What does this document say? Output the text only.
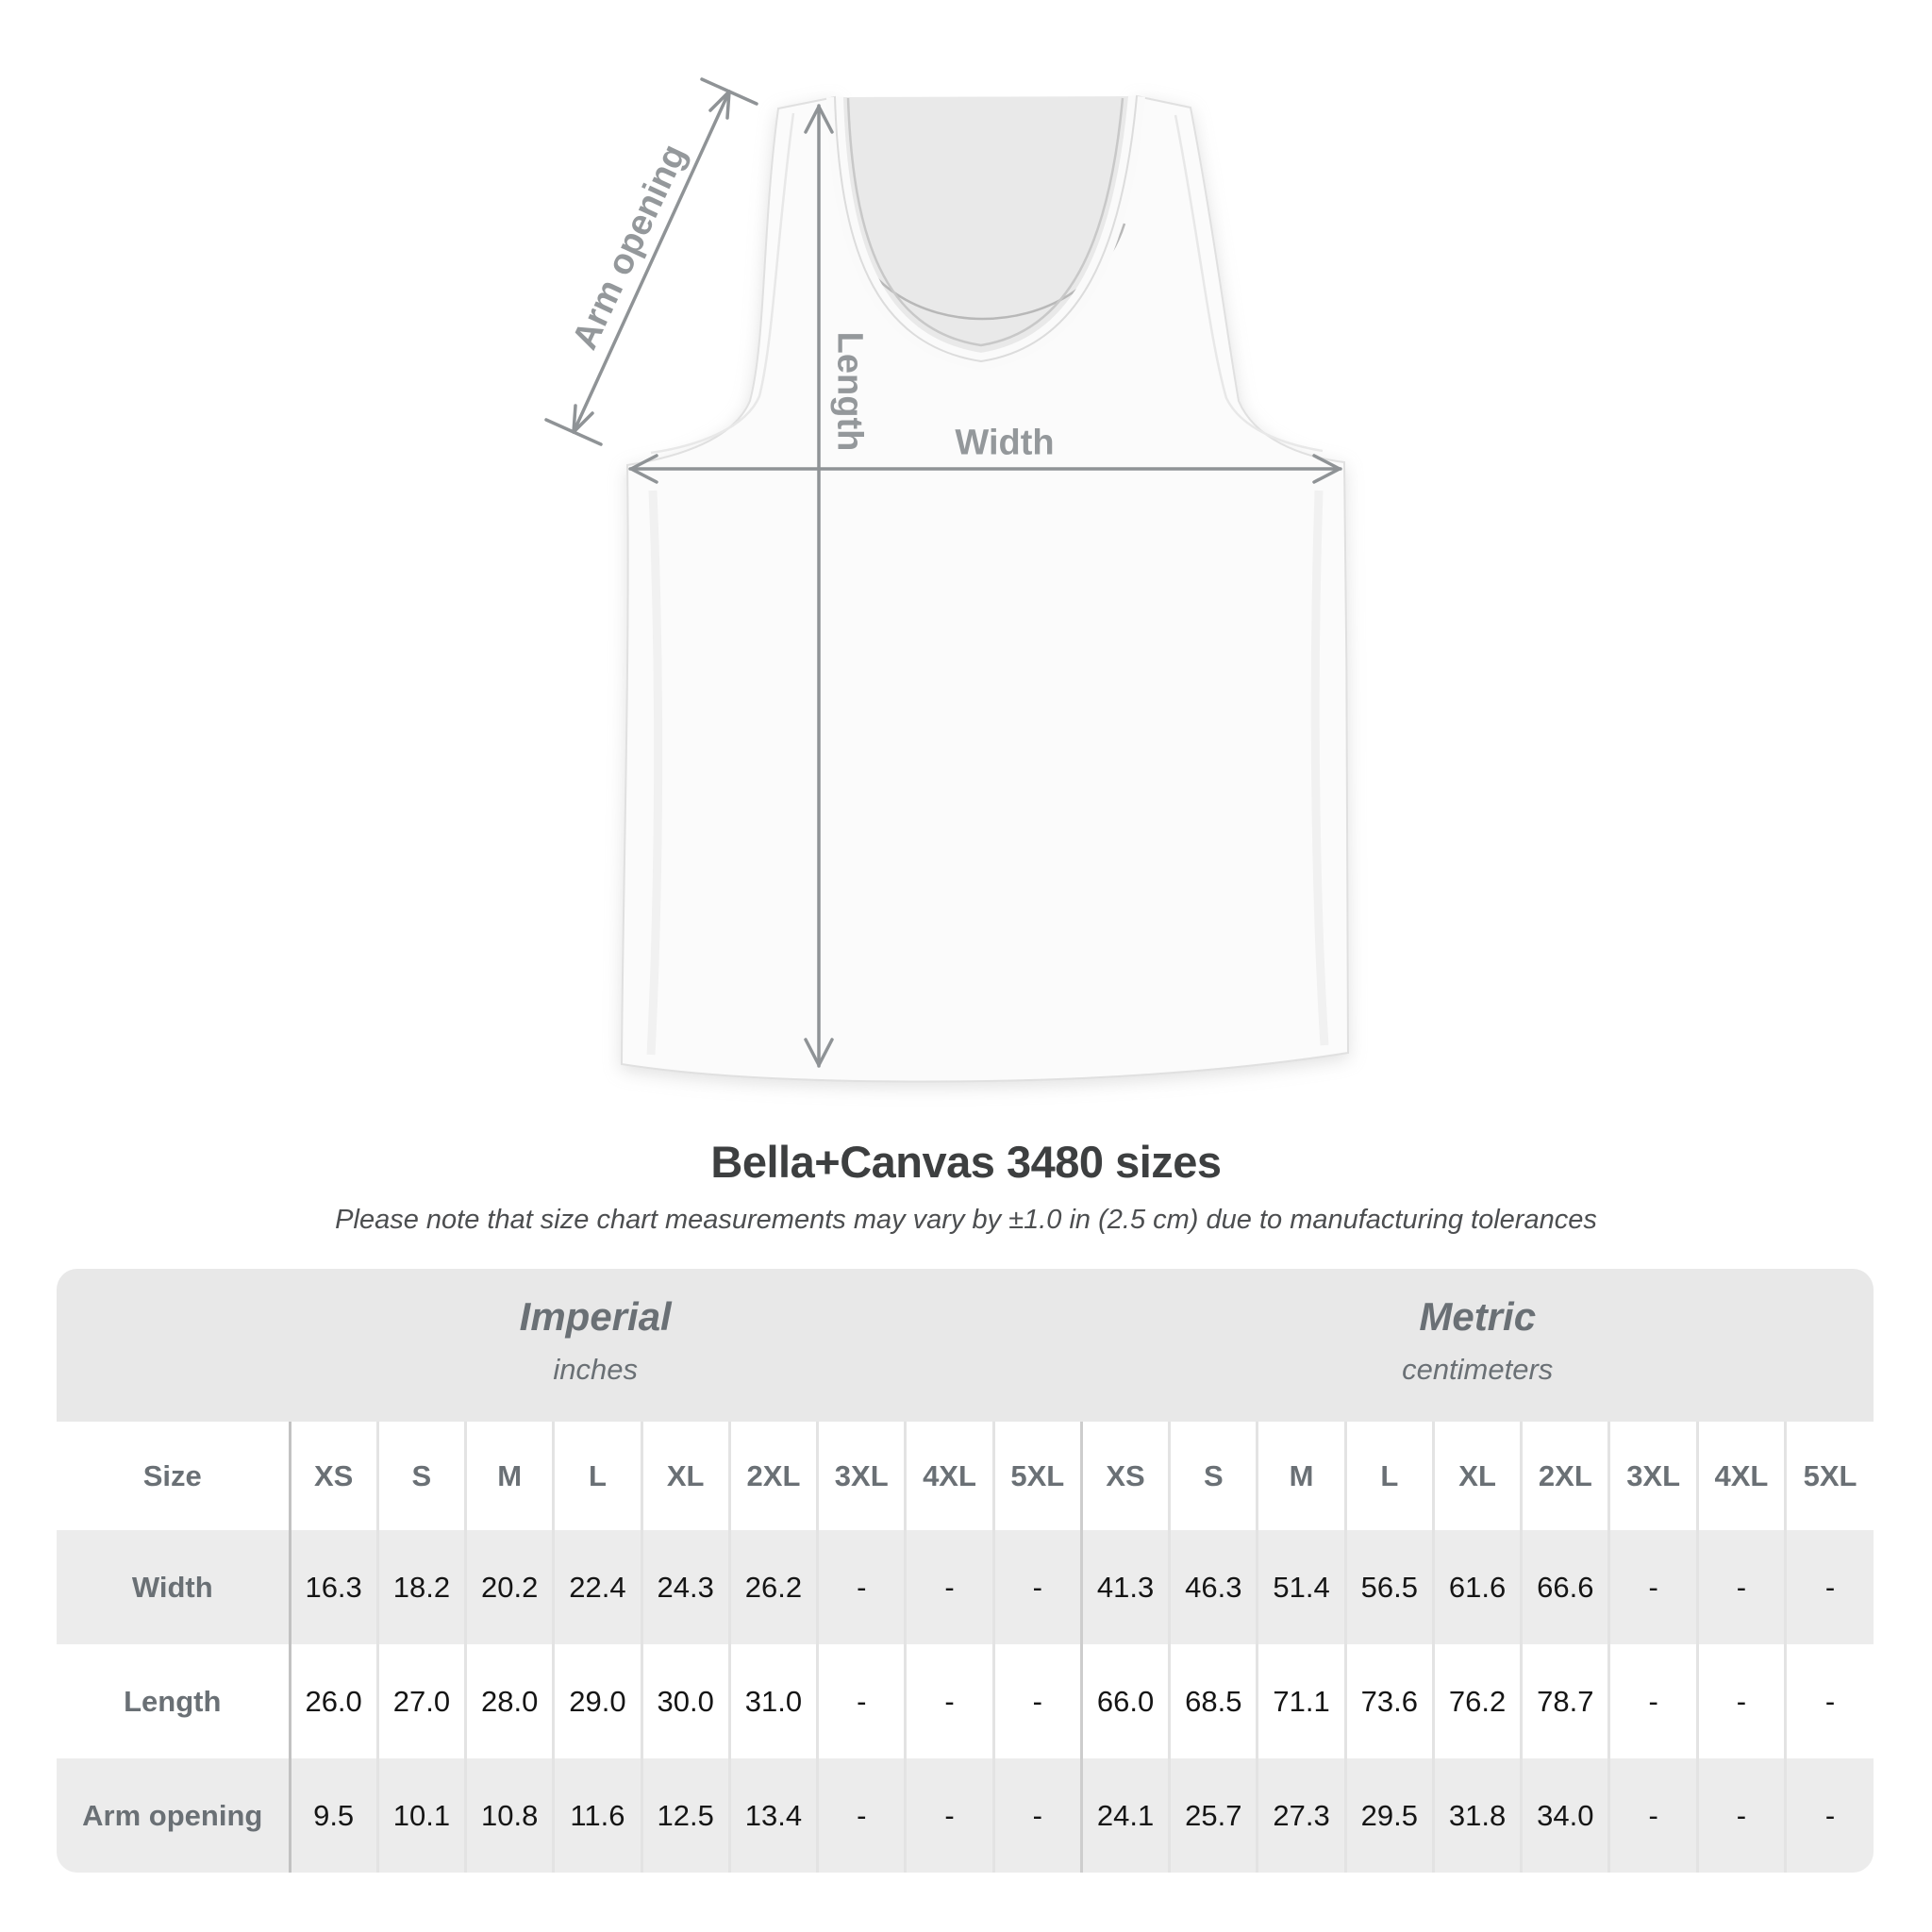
Arm opening
Length Width
Bella+Canvas 3480 sizes
Please note that size chart measurements may vary by ±1.0 in (2.5 cm) due to manufacturing tolerances
Imperial
inches

Metric
centimeters

Size	XS	S	M	L	XL	2XL	3XL	4XL	5XL	XS	S	M	L	XL	2XL	3XL	4XL	5XL
Width	16.3	18.2	20.2	22.4	24.3	26.2	-	-	-	41.3	46.3	51.4	56.5	61.6	66.6	-	-	-
Length	26.0	27.0	28.0	29.0	30.0	31.0	-	-	-	66.0	68.5	71.1	73.6	76.2	78.7	-	-	-
Arm opening	9.5	10.1	10.8	11.6	12.5	13.4	-	-	-	24.1	25.7	27.3	29.5	31.8	34.0	-	-	-
